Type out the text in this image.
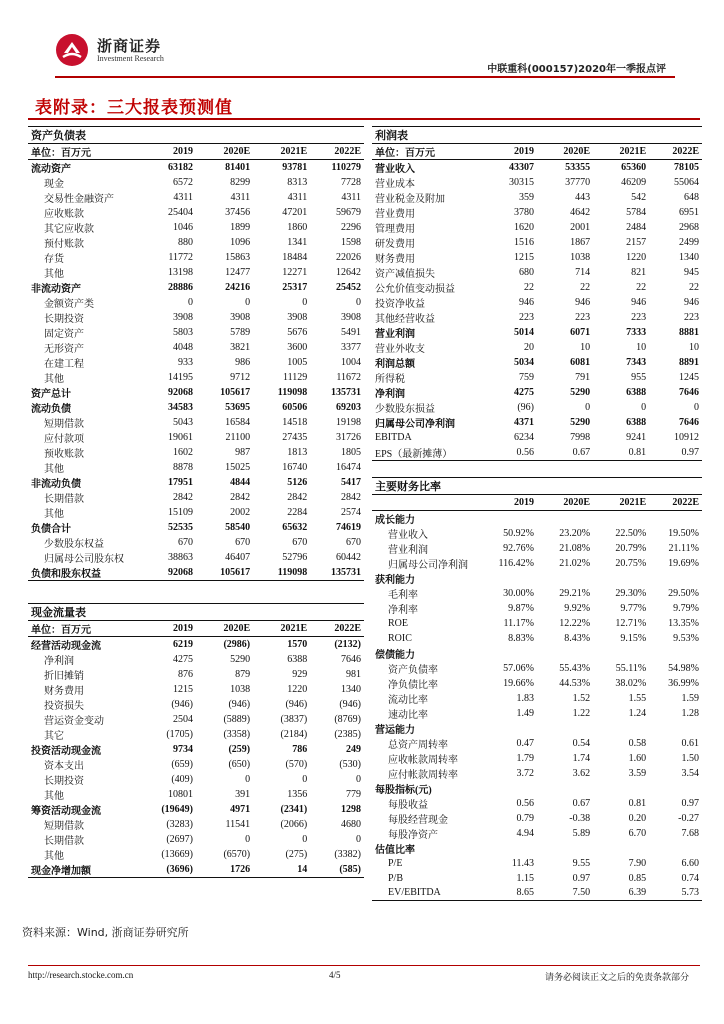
浙商证券
Investment Research
中联重科(000157)2020年一季报点评
表附录：三大报表预测值
资产负债表				
单位：百万元	2019	2020E	2021E	2022E
流动资产	63182	81401	93781	110279
现金	6572	8299	8313	7728
交易性金融资产	4311	4311	4311	4311
应收账款	25404	37456	47201	59679
其它应收款	1046	1899	1860	2296
预付账款	880	1096	1341	1598
存货	11772	15863	18484	22026
其他	13198	12477	12271	12642
非流动资产	28886	24216	25317	25452
金额资产类	0	0	0	0
长期投资	3908	3908	3908	3908
固定资产	5803	5789	5676	5491
无形资产	4048	3821	3600	3377
在建工程	933	986	1005	1004
其他	14195	9712	11129	11672
资产总计	92068	105617	119098	135731
流动负债	34583	53695	60506	69203
短期借款	5043	16584	14518	19198
应付款项	19061	21100	27435	31726
预收账款	1602	987	1813	1805
其他	8878	15025	16740	16474
非流动负债	17951	4844	5126	5417
长期借款	2842	2842	2842	2842
其他	15109	2002	2284	2574
负债合计	52535	58540	65632	74619
少数股东权益	670	670	670	670
归属母公司股东权	38863	46407	52796	60442
负债和股东权益	92068	105617	119098	135731
现金流量表				
单位：百万元	2019	2020E	2021E	2022E
经营活动现金流	6219	(2986)	1570	(2132)
净利润	4275	5290	6388	7646
折旧摊销	876	879	929	981
财务费用	1215	1038	1220	1340
投资损失	(946)	(946)	(946)	(946)
营运资金变动	2504	(5889)	(3837)	(8769)
其它	(1705)	(3358)	(2184)	(2385)
投资活动现金流	9734	(259)	786	249
资本支出	(659)	(650)	(570)	(530)
长期投资	(409)	0	0	0
其他	10801	391	1356	779
筹资活动现金流	(19649)	4971	(2341)	1298
短期借款	(3283)	11541	(2066)	4680
长期借款	(2697)	0	0	0
其他	(13669)	(6570)	(275)	(3382)
现金净增加额	(3696)	1726	14	(585)
利润表				
单位：百万元	2019	2020E	2021E	2022E
营业收入	43307	53355	65360	78105
营业成本	30315	37770	46209	55064
营业税金及附加	359	443	542	648
营业费用	3780	4642	5784	6951
管理费用	1620	2001	2484	2968
研发费用	1516	1867	2157	2499
财务费用	1215	1038	1220	1340
资产减值损失	680	714	821	945
公允价值变动损益	22	22	22	22
投资净收益	946	946	946	946
其他经营收益	223	223	223	223
营业利润	5014	6071	7333	8881
营业外收支	20	10	10	10
利润总额	5034	6081	7343	8891
所得税	759	791	955	1245
净利润	4275	5290	6388	7646
少数股东损益	(96)	0	0	0
归属母公司净利润	4371	5290	6388	7646
EBITDA	6234	7998	9241	10912
EPS（最新摊薄）	0.56	0.67	0.81	0.97
主要财务比率				
	2019	2020E	2021E	2022E
成长能力				
营业收入	50.92%	23.20%	22.50%	19.50%
营业利润	92.76%	21.08%	20.79%	21.11%
归属母公司净利润	116.42%	21.02%	20.75%	19.69%
获利能力				
毛利率	30.00%	29.21%	29.30%	29.50%
净利率	9.87%	9.92%	9.77%	9.79%
ROE	11.17%	12.22%	12.71%	13.35%
ROIC	8.83%	8.43%	9.15%	9.53%
偿债能力				
资产负债率	57.06%	55.43%	55.11%	54.98%
净负债比率	19.66%	44.53%	38.02%	36.99%
流动比率	1.83	1.52	1.55	1.59
速动比率	1.49	1.22	1.24	1.28
营运能力				
总资产周转率	0.47	0.54	0.58	0.61
应收帐款周转率	1.79	1.74	1.60	1.50
应付帐款周转率	3.72	3.62	3.59	3.54
每股指标(元)				
每股收益	0.56	0.67	0.81	0.97
每股经营现金	0.79	-0.38	0.20	-0.27
每股净资产	4.94	5.89	6.70	7.68
估值比率				
P/E	11.43	9.55	7.90	6.60
P/B	1.15	0.97	0.85	0.74
EV/EBITDA	8.65	7.50	6.39	5.73
资料来源：Wind, 浙商证券研究所
http://research.stocke.com.cn	4/5	请务必阅读正文之后的免责条款部分
